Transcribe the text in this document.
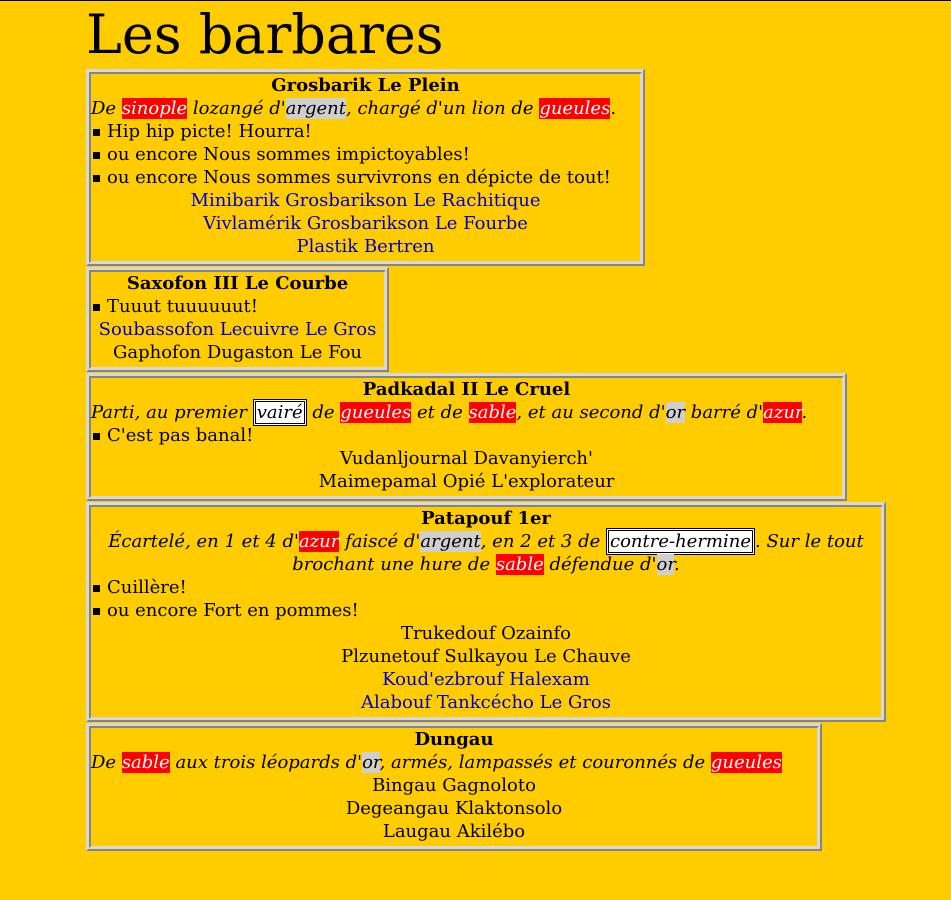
Les barbares
Grosbarik Le Plein
De sinople lozangé d'argent, chargé d'un lion de gueules.
Hip hip picte! Hourra!
ou encore Nous sommes impictoyables!
ou encore Nous sommes survivrons en dépicte de tout!
Minibarik Grosbarikson Le Rachitique
Vivlamérik Grosbarikson Le Fourbe
Plastik Bertren
Saxofon III Le Courbe
Tuuut tuuuuuut!
Soubassofon Lecuivre Le Gros
Gaphofon Dugaston Le Fou
Padkadal II Le Cruel
Parti, au premier vairé de gueules et de sable, et au second d'or barré d'azur.
C'est pas banal!
Vudanljournal Davanyierch'
Maimepamal Opié L'explorateur
Patapouf 1er
Écartelé, en 1 et 4 d'azur faiscé d'argent, en 2 et 3 de contre-hermine . Sur le tout brochant une hure de sable défendue d'or.
Cuillère!
ou encore Fort en pommes!
Trukedouf Ozainfo
Plzunetouf Sulkayou Le Chauve
Koud'ezbrouf Halexam
Alabouf Tankcécho Le Gros
Dungau
De sable aux trois léopards d'or, armés, lampassés et couronnés de gueules
Bingau Gagnoloto
Degeangau Klaktonsolo
Laugau Akilébo
